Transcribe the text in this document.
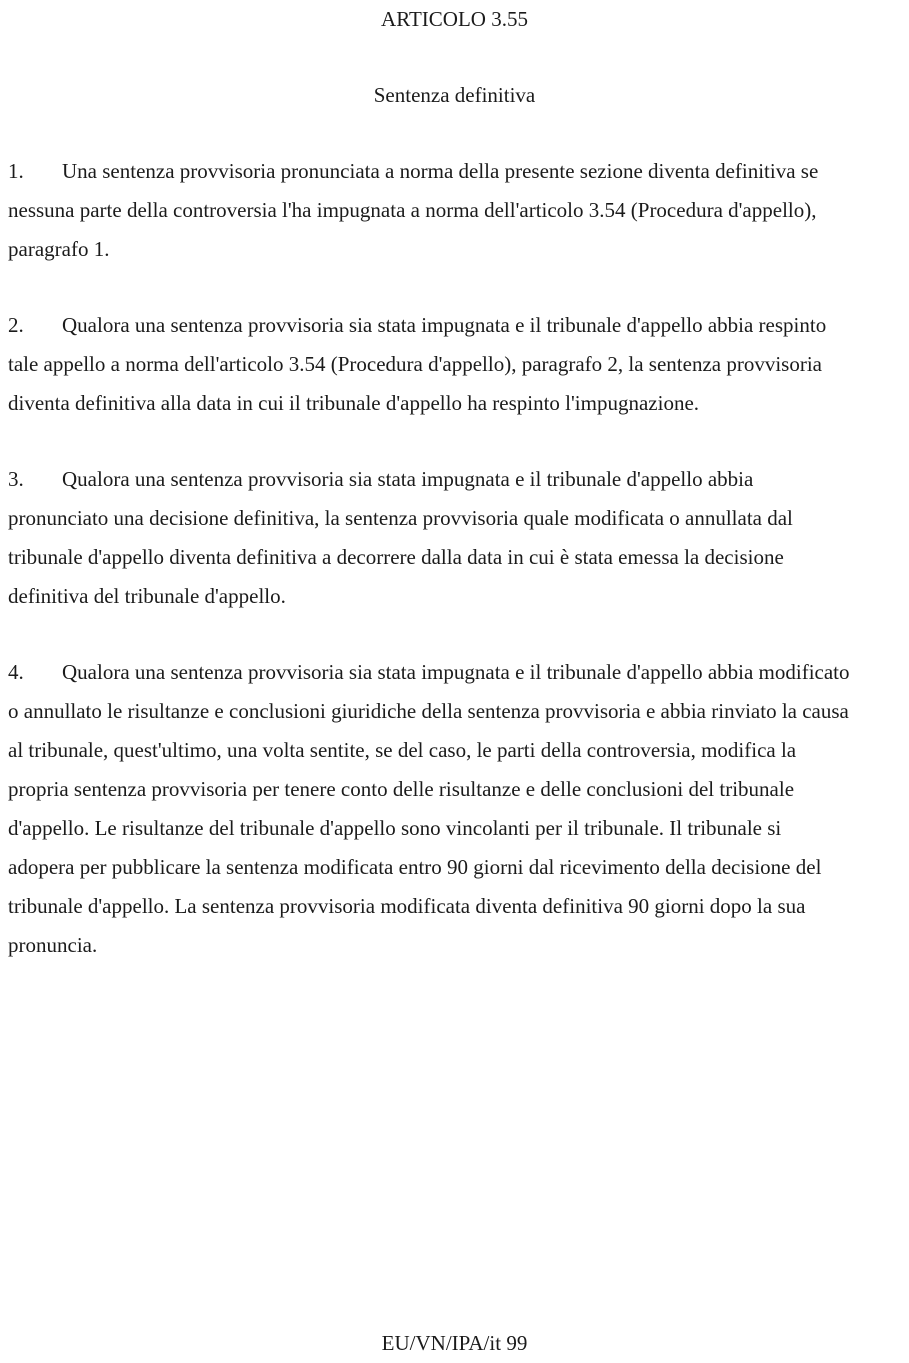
ARTICOLO 3.55
Sentenza definitiva
1. Una sentenza provvisoria pronunciata a norma della presente sezione diventa definitiva se
nessuna parte della controversia l'ha impugnata a norma dell'articolo 3.54 (Procedura d'appello),
paragrafo 1.
2. Qualora una sentenza provvisoria sia stata impugnata e il tribunale d'appello abbia respinto
tale appello a norma dell'articolo 3.54 (Procedura d'appello), paragrafo 2, la sentenza provvisoria
diventa definitiva alla data in cui il tribunale d'appello ha respinto l'impugnazione.
3. Qualora una sentenza provvisoria sia stata impugnata e il tribunale d'appello abbia
pronunciato una decisione definitiva, la sentenza provvisoria quale modificata o annullata dal
tribunale d'appello diventa definitiva a decorrere dalla data in cui è stata emessa la decisione
definitiva del tribunale d'appello.
4. Qualora una sentenza provvisoria sia stata impugnata e il tribunale d'appello abbia modificato
o annullato le risultanze e conclusioni giuridiche della sentenza provvisoria e abbia rinviato la causa
al tribunale, quest'ultimo, una volta sentite, se del caso, le parti della controversia, modifica la
propria sentenza provvisoria per tenere conto delle risultanze e delle conclusioni del tribunale
d'appello. Le risultanze del tribunale d'appello sono vincolanti per il tribunale. Il tribunale si
adopera per pubblicare la sentenza modificata entro 90 giorni dal ricevimento della decisione del
tribunale d'appello. La sentenza provvisoria modificata diventa definitiva 90 giorni dopo la sua
pronuncia.
EU/VN/IPA/it 99
